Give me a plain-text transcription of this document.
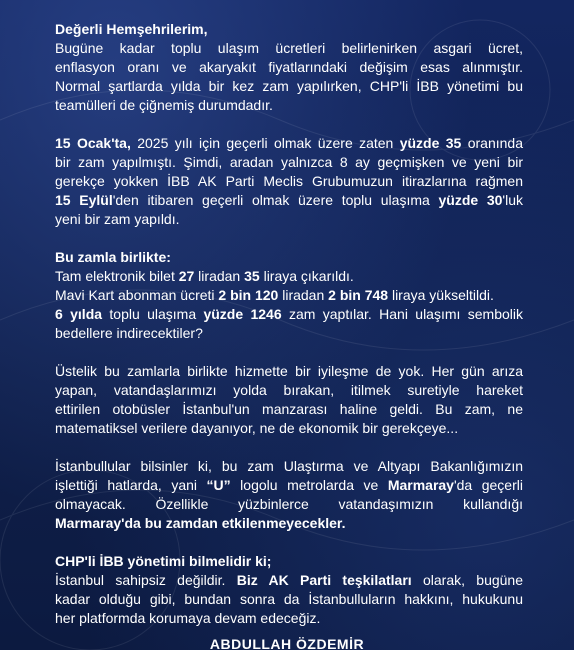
Değerli Hemşehrilerim,
Bugüne kadar toplu ulaşım ücretleri belirlenirken asgari ücret,
enflasyon oranı ve akaryakıt fiyatlarındaki değişim esas alınmıştır.
Normal şartlarda yılda bir kez zam yapılırken, CHP'li İBB yönetimi bu
teamülleri de çiğnemiş durumdadır.
15 Ocak'ta, 2025 yılı için geçerli olmak üzere zaten yüzde 35 oranında
bir zam yapılmıştı. Şimdi, aradan yalnızca 8 ay geçmişken ve yeni bir
gerekçe yokken İBB AK Parti Meclis Grubumuzun itirazlarına rağmen
15 Eylül'den itibaren geçerli olmak üzere toplu ulaşıma yüzde 30'luk
yeni bir zam yapıldı.
Bu zamla birlikte:
Tam elektronik bilet 27 liradan 35 liraya çıkarıldı.
Mavi Kart abonman ücreti 2 bin 120 liradan 2 bin 748 liraya yükseltildi.
6 yılda toplu ulaşıma yüzde 1246 zam yaptılar. Hani ulaşımı sembolik
bedellere indirecektiler?
Üstelik bu zamlarla birlikte hizmette bir iyileşme de yok. Her gün arıza
yapan, vatandaşlarımızı yolda bırakan, itilmek suretiyle hareket
ettirilen otobüsler İstanbul'un manzarası haline geldi. Bu zam, ne
matematiksel verilere dayanıyor, ne de ekonomik bir gerekçeye...
İstanbullular bilsinler ki, bu zam Ulaştırma ve Altyapı Bakanlığımızın
işlettiği hatlarda, yani “U” logolu metrolarda ve Marmaray'da geçerli
olmayacak. Özellikle yüzbinlerce vatandaşımızın kullandığı
Marmaray'da bu zamdan etkilenmeyecekler.
CHP'li İBB yönetimi bilmelidir ki;
İstanbul sahipsiz değildir. Biz AK Parti teşkilatları olarak, bugüne
kadar olduğu gibi, bundan sonra da İstanbulluların hakkını, hukukunu
her platformda korumaya devam edeceğiz.
ABDULLAH ÖZDEMİR
